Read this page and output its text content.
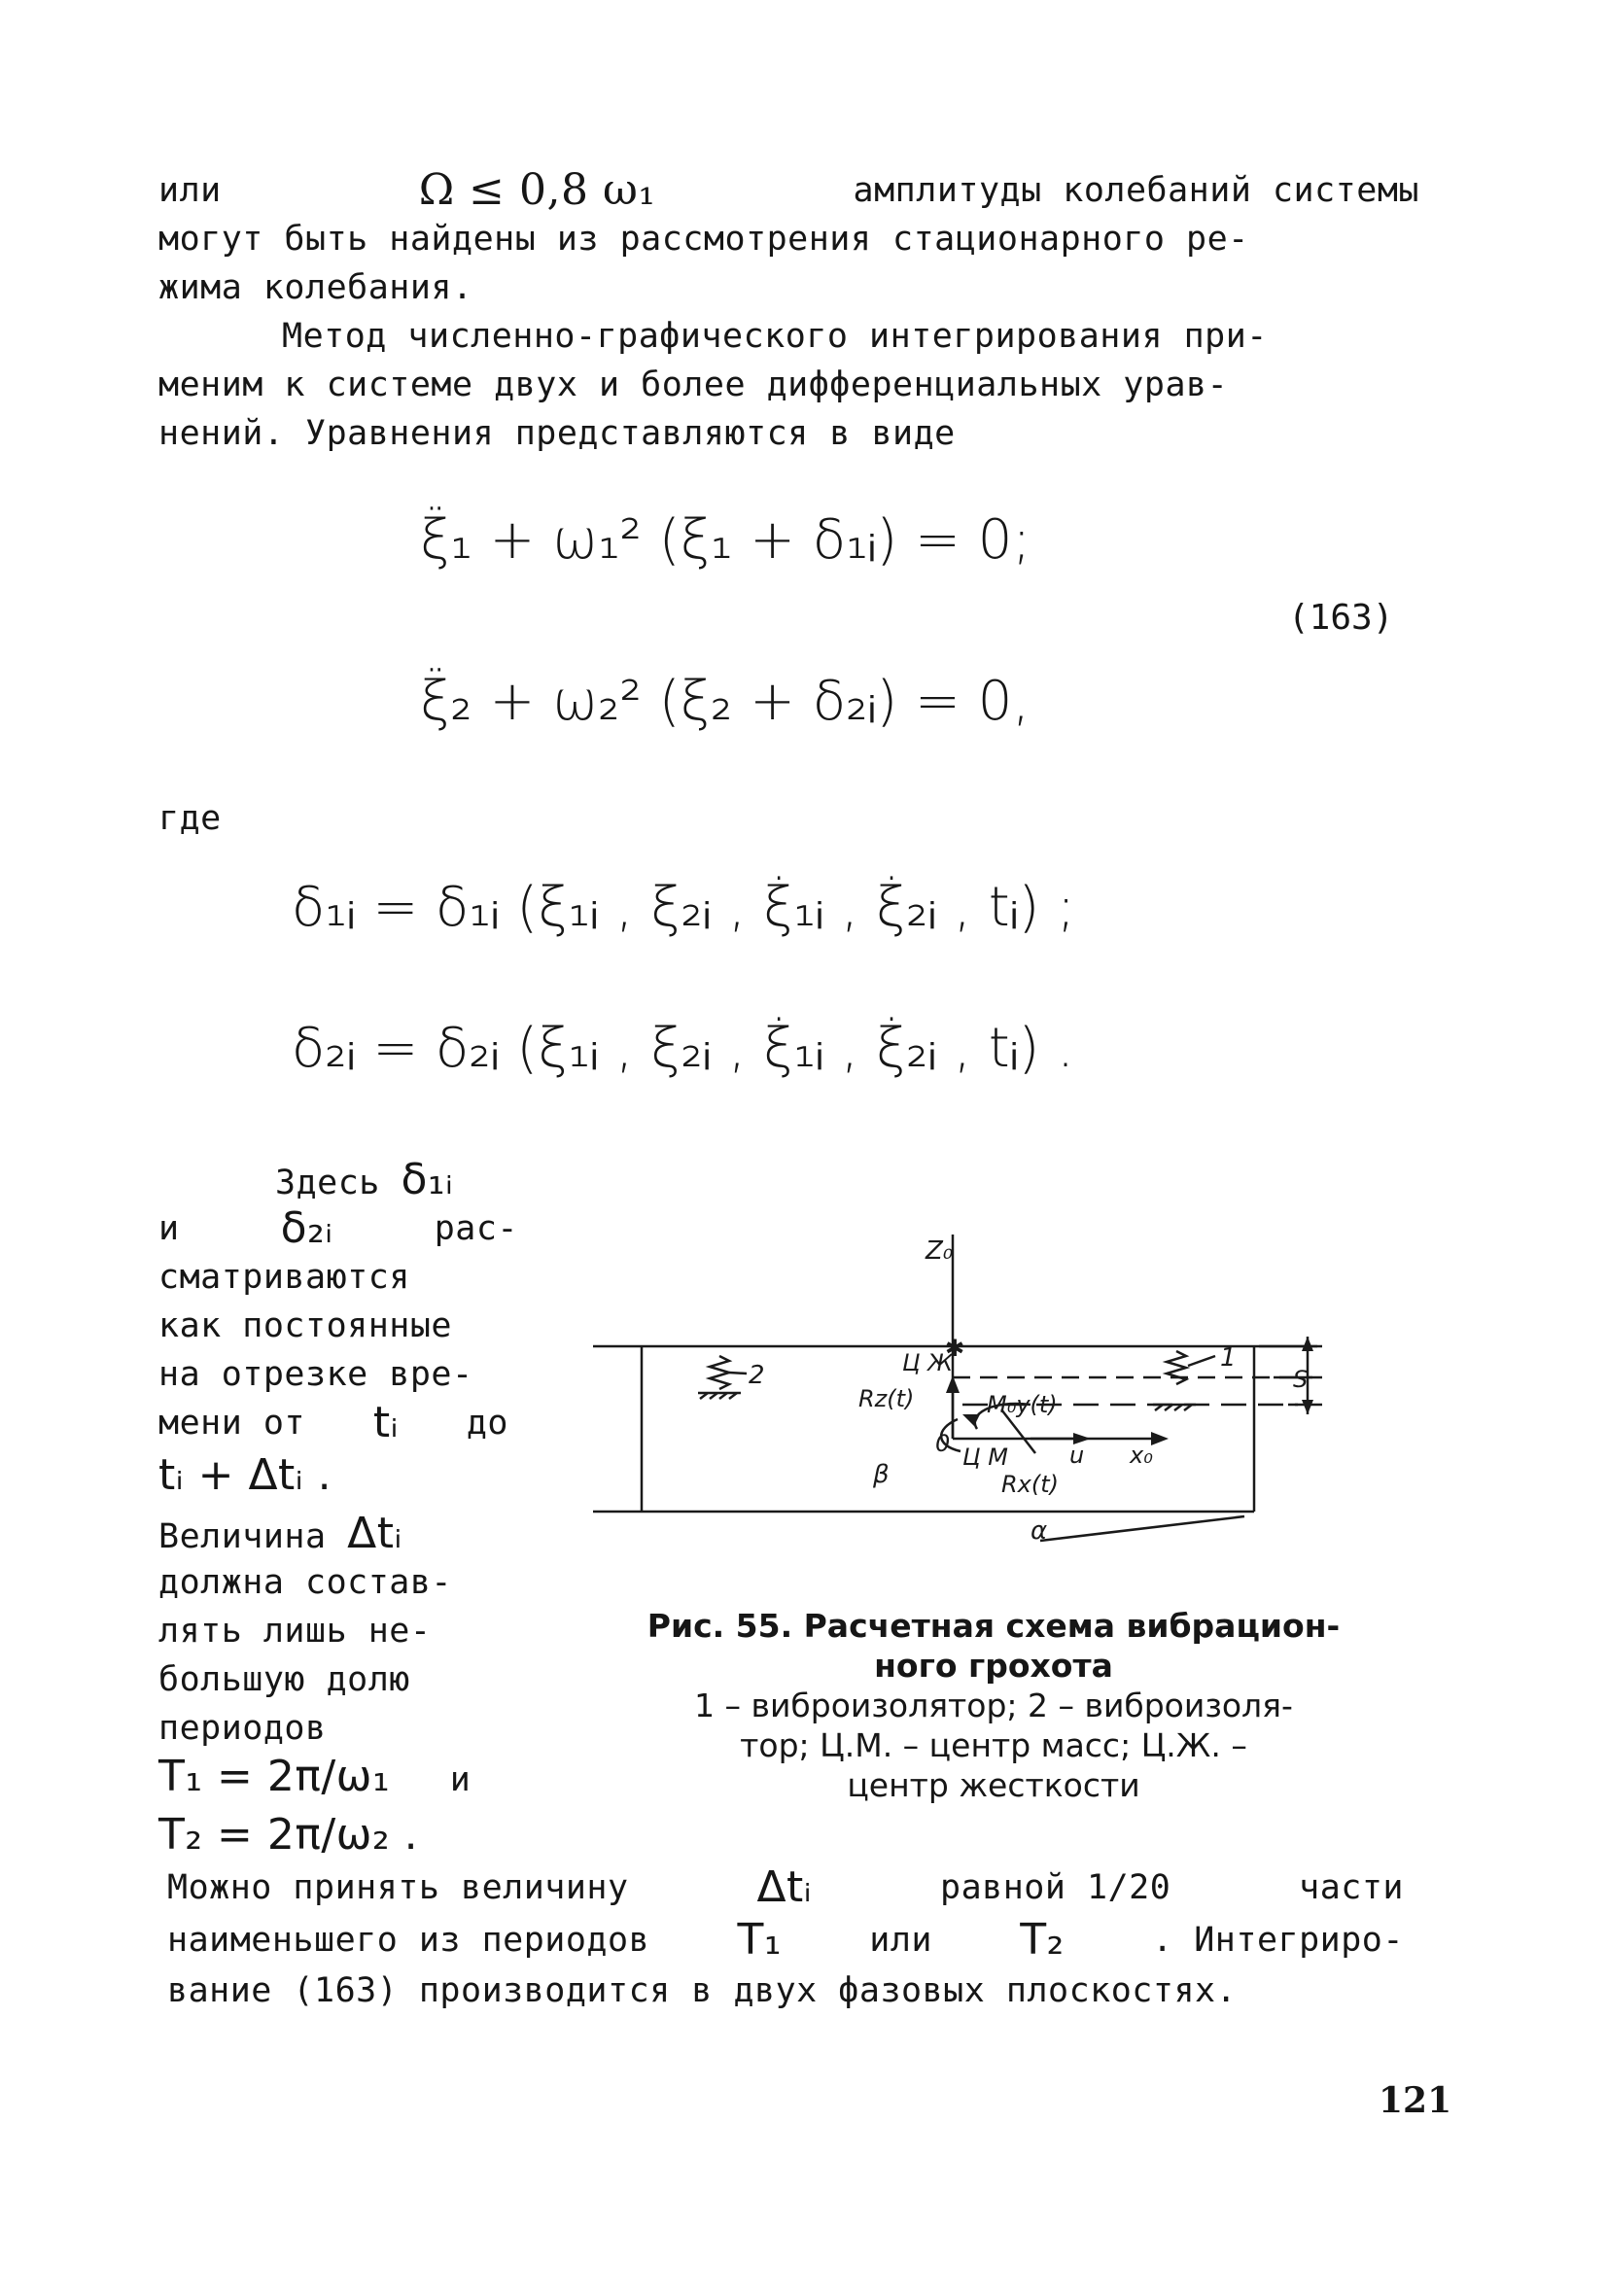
или	Ω ≤ 0,8 ω₁	амплитуды колебаний системы
могут быть найдены из рассмотрения стационарного ре-
жима колебания.
Метод численно-графического интегрирования при-
меним к системе двух и более дифференциальных урав-
нений. Уравнения представляются в виде
ξ̈₁ + ω₁² (ξ₁ + δ₁ᵢ) = 0;
ξ̈₂ + ω₂² (ξ₂ + δ₂ᵢ) = 0,
(163)
где
δ₁ᵢ = δ₁ᵢ (ξ₁ᵢ , ξ₂ᵢ , ξ̇₁ᵢ , ξ̇₂ᵢ , tᵢ) ;
δ₂ᵢ = δ₂ᵢ (ξ₁ᵢ , ξ₂ᵢ , ξ̇₁ᵢ , ξ̇₂ᵢ , tᵢ) .
Здесь δ₁ᵢ
и δ₂ᵢ	рас-
сматриваются
как постоянные
на отрезке вре-
мени от tᵢ до
tᵢ + Δtᵢ .
Величина Δtᵢ
должна состав-
лять лишь не-
большую долю
периодов
T₁ = 2π/ω₁ и
T₂ = 2π/ω₂ .
✱
Z₀
Ц Ж
Rz(t)	M₀y(t)
0 Ц М	u x₀
β	Rx(t)
α
1
2	S
Рис. 55. Расчетная схема вибрацион-
ного грохота
1 – виброизолятор; 2 – виброизоля-
тор; Ц.М. – центр масс; Ц.Ж. –
центр жесткости
Можно принять величину	Δtᵢ	равной 1/20	части
наименьшего из периодов T₁	или T₂	. Интегриро-
вание (163) производится в двух фазовых плоскостях.
121
